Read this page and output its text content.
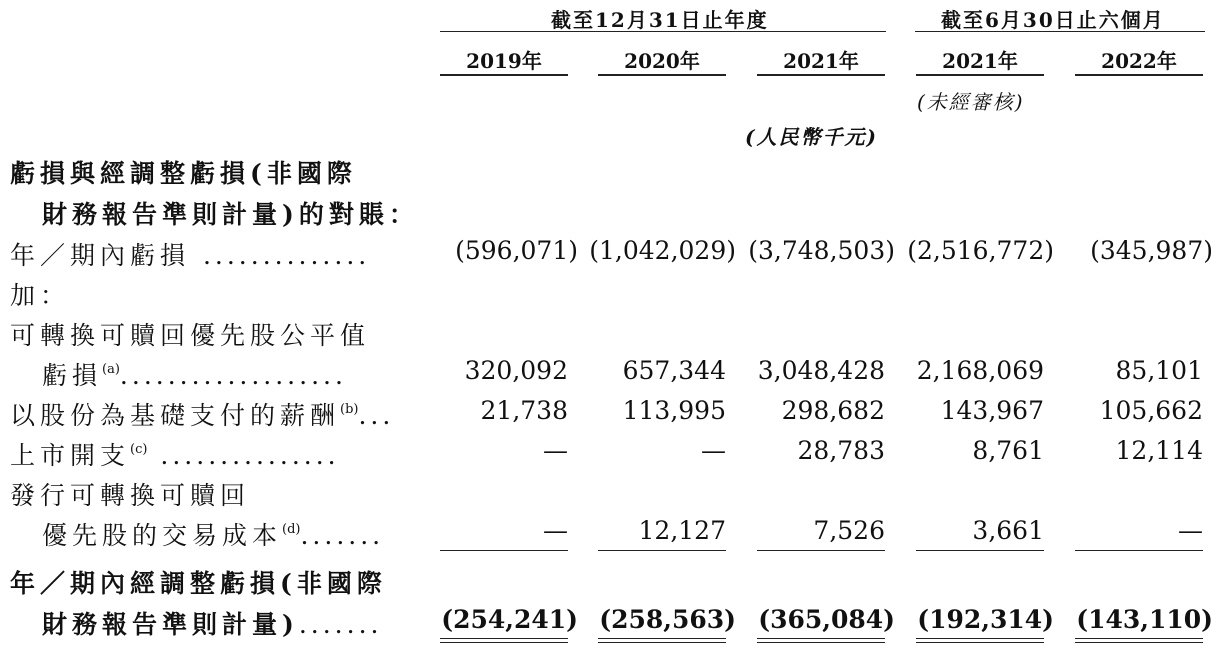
截至12月31日止年度	截至6月30日止六個月
2019年	2020年	2021年	2021年	2022年
(未經審核)
(人民幣千元)
虧損與經調整虧損(非國際
財務報告準則計量)的對賬：
年／期內虧損 ..............	(596,071) (1,042,029) (3,748,503) (2,516,772)	(345,987)
加：
可轉換可贖回優先股公平值
虧損$^{(a)}$...................	320,092	657,344	3,048,428	2,168,069	85,101
以股份為基礎支付的薪酬$^{(b)}$...	21,738	113,995	298,682	143,967	105,662
上市開支$^{(c)}$ ...............	—	—	28,783	8,761	12,114
發行可轉換可贖回
優先股的交易成本$^{(d)}$.......	—	12,127	7,526	3,661	—
年／期內經調整虧損(非國際
財務報告準則計量).......	(254,241) (258,563) (365,084) (192,314) (143,110)
